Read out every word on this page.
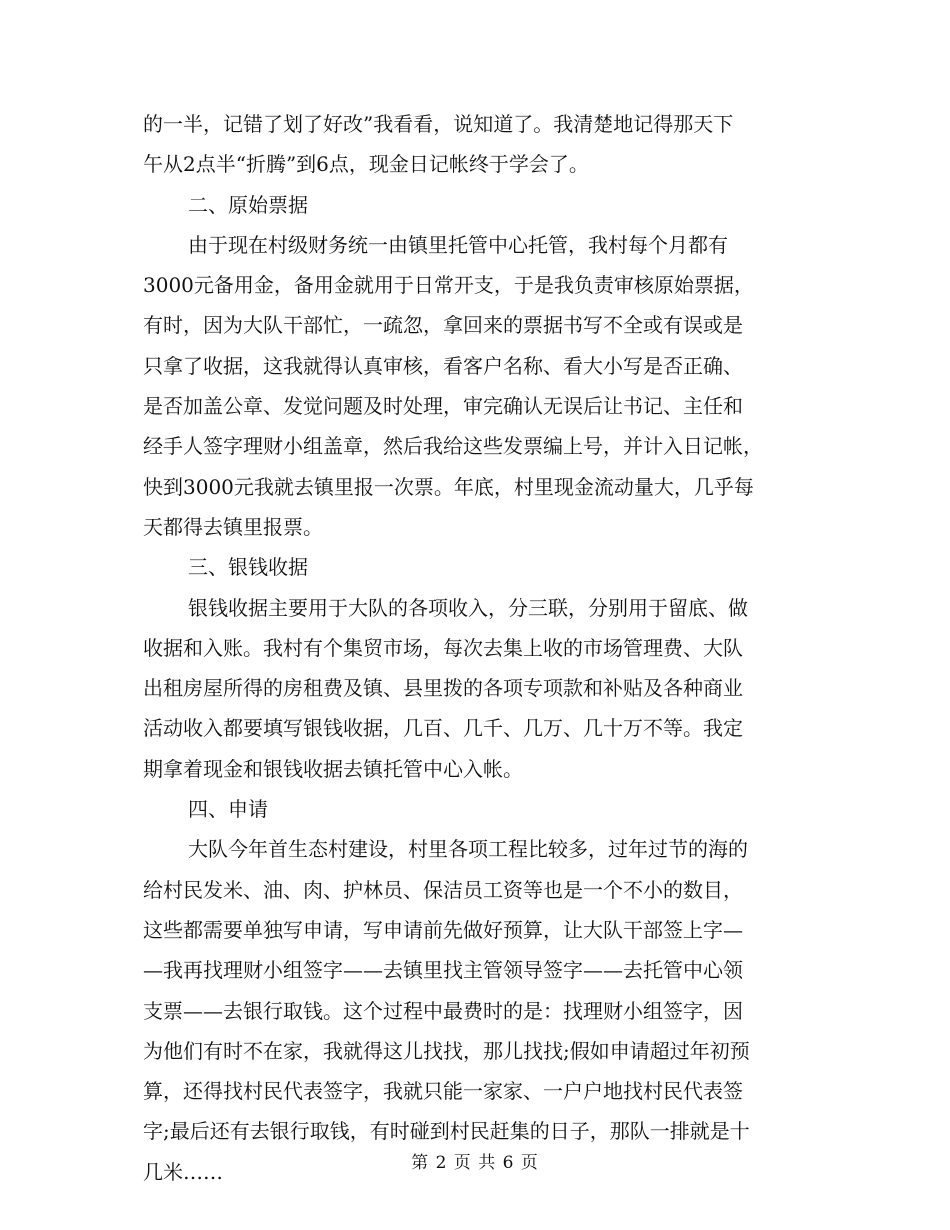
的一半，记错了划了好改”我看看，说知道了。我清楚地记得那天下
午从2点半“折腾”到6点，现金日记帐终于学会了。
二、原始票据
由于现在村级财务统一由镇里托管中心托管，我村每个月都有
3000元备用金，备用金就用于日常开支，于是我负责审核原始票据，
有时，因为大队干部忙，一疏忽，拿回来的票据书写不全或有误或是
只拿了收据，这我就得认真审核，看客户名称、看大小写是否正确、
是否加盖公章、发觉问题及时处理，审完确认无误后让书记、主任和
经手人签字理财小组盖章，然后我给这些发票编上号，并计入日记帐，
快到3000元我就去镇里报一次票。年底，村里现金流动量大，几乎每
天都得去镇里报票。
三、银钱收据
银钱收据主要用于大队的各项收入，分三联，分别用于留底、做
收据和入账。我村有个集贸市场，每次去集上收的市场管理费、大队
出租房屋所得的房租费及镇、县里拨的各项专项款和补贴及各种商业
活动收入都要填写银钱收据，几百、几千、几万、几十万不等。我定
期拿着现金和银钱收据去镇托管中心入帐。
四、申请
大队今年首生态村建设，村里各项工程比较多，过年过节的海的
给村民发米、油、肉、护林员、保洁员工资等也是一个不小的数目，
这些都需要单独写申请，写申请前先做好预算，让大队干部签上字—
—我再找理财小组签字——去镇里找主管领导签字——去托管中心领
支票——去银行取钱。这个过程中最费时的是：找理财小组签字，因
为他们有时不在家，我就得这儿找找，那儿找找;假如申请超过年初预
算，还得找村民代表签字，我就只能一家家、一户户地找村民代表签
字;最后还有去银行取钱，有时碰到村民赶集的日子，那队一排就是十
几米……	第 2 页 共 6 页
